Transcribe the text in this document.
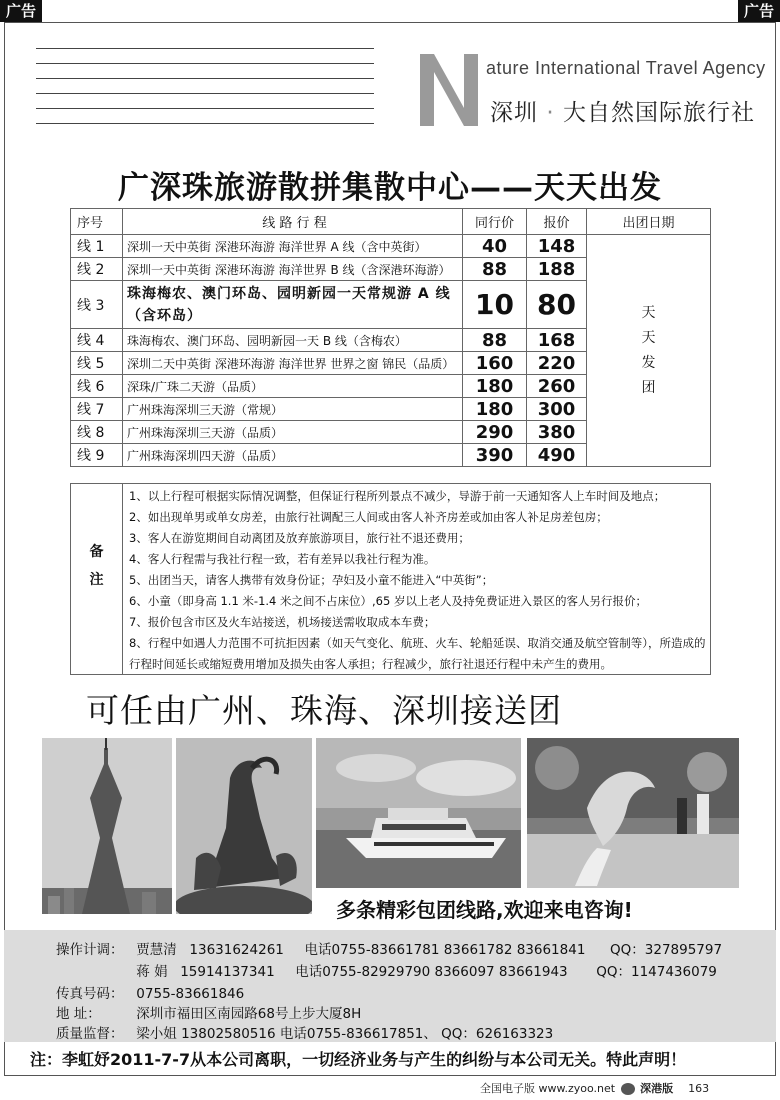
广告	广告
ature International Travel Agency
深圳 · 大自然国际旅行社
广深珠旅游散拼集散中心——天天出发
序号	线 路 行 程	同行价	报价	出团日期
线 1	深圳一天中英街 深港环海游 海洋世界 A 线（含中英街）	40	148	天天发团

线 2	深圳一天中英街 深港环海游 海洋世界 B 线（含深港环海游）	88	188	
线 3	珠海梅农、澳门环岛、园明新园一天常规游 A 线（含环岛）	10	80	
线 4	珠海梅农、澳门环岛、园明新园一天 B 线（含梅农）	88	168	
线 5	深圳二天中英街 深港环海游 海洋世界 世界之窗 锦民（品质）	160	220	
线 6	深珠/广珠二天游（品质）	180	260	
线 7	广州珠海深圳三天游（常规）	180	300	
线 8	广州珠海深圳三天游（品质）	290	380	
线 9	广州珠海深圳四天游（品质）	390	490	
备注
1、以上行程可根据实际情况调整，但保证行程所列景点不减少，导游于前一天通知客人上车时间及地点；
2、如出现单男或单女房差，由旅行社调配三人间或由客人补齐房差或加由客人补足房差包房；
3、客人在游览期间自动离团及放弃旅游项目，旅行社不退还费用；
4、客人行程需与我社行程一致，若有差异以我社行程为准。
5、出团当天，请客人携带有效身份证；孕妇及小童不能进入“中英街”；
6、小童（即身高 1.1 米-1.4 米之间不占床位）,65 岁以上老人及持免费证进入景区的客人另行报价；
7、报价包含市区及火车站接送，机场接送需收取成本车费；
8、行程中如遇人力范围不可抗拒因素（如天气变化、航班、火车、轮船延误、取消交通及航空管制等），所造成的行程时间延长或缩短费用增加及损失由客人承担；行程减少，旅行社退还行程中未产生的费用。
可任由广州、珠海、深圳接送团
多条精彩包团线路,欢迎来电咨询!
操作计调： 贾慧清 13631624261 电话0755-83661781 83661782 83661841 QQ：327895797
蒋 娟 15914137341 电话0755-82929790 8366097 83661943 QQ：1147436079
传真号码： 0755-83661846
地 址：	深圳市福田区南园路68号上步大厦8H
质量监督： 梁小姐 13802580516 电话0755-836617851、 QQ：626163323
注：李虹妤2011-7-7从本公司离职，一切经济业务与产生的纠纷与本公司无关。特此声明！
全国电子版 www.zyoo.net 深港版 163
